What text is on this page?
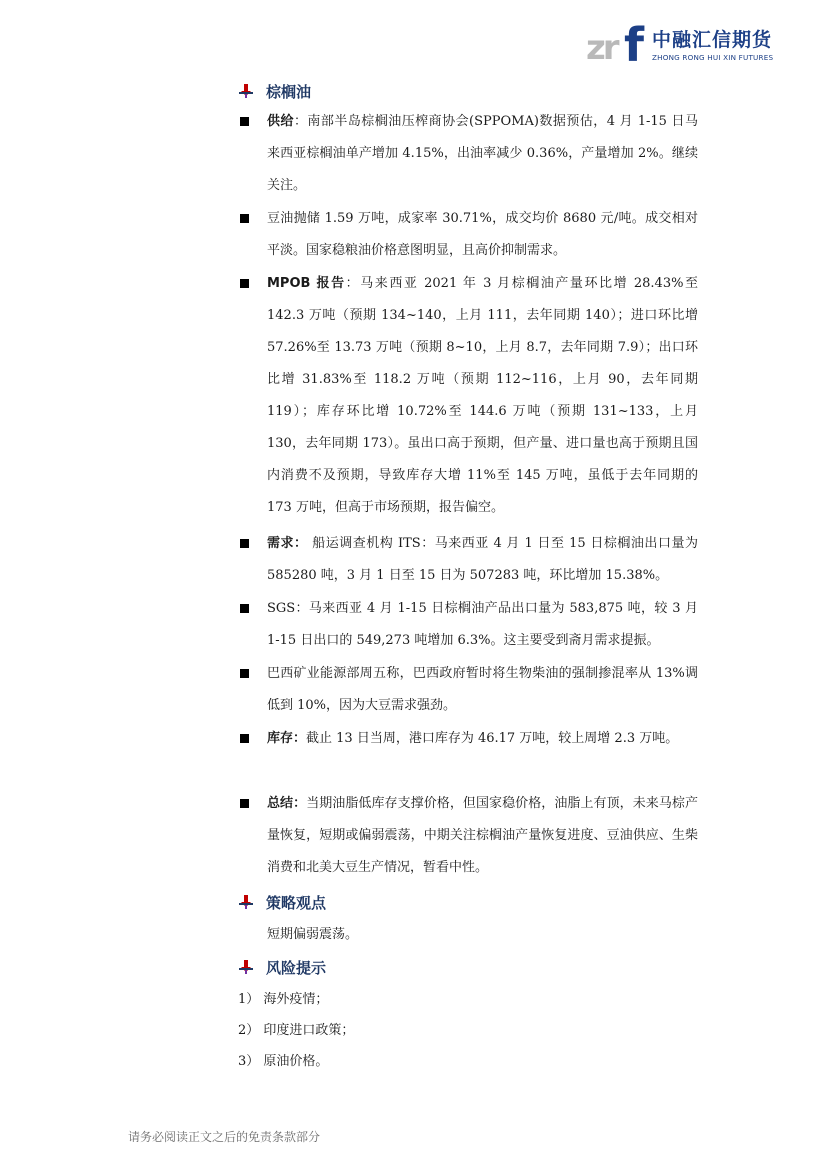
zr f 中融汇信期货
ZHONG RONG HUI XIN FUTURES
棕榈油
供给：南部半岛棕榈油压榨商协会(SPPOMA)数据预估，4 月 1-15 日马来西亚棕榈油单产增加 4.15%，出油率减少 0.36%，产量增加 2%。继续关注。
豆油抛储 1.59 万吨，成家率 30.71%，成交均价 8680 元/吨。成交相对平淡。国家稳粮油价格意图明显，且高价抑制需求。
MPOB 报告：马来西亚 2021 年 3 月棕榈油产量环比增 28.43%至 142.3 万吨（预期 134~140，上月 111，去年同期 140）；进口环比增 57.26%至 13.73 万吨（预期 8~10，上月 8.7，去年同期 7.9）；出口环比增 31.83%至 118.2 万吨（预期 112~116，上月 90，去年同期 119）；库存环比增 10.72%至 144.6 万吨（预期 131~133，上月 130，去年同期 173）。虽出口高于预期，但产量、进口量也高于预期且国内消费不及预期，导致库存大增 11%至 145 万吨，虽低于去年同期的 173 万吨，但高于市场预期，报告偏空。
需求： 船运调查机构 ITS：马来西亚 4 月 1 日至 15 日棕榈油出口量为 585280 吨，3 月 1 日至 15 日为 507283 吨，环比增加 15.38%。
SGS：马来西亚 4 月 1-15 日棕榈油产品出口量为 583,875 吨，较 3 月 1-15 日出口的 549,273 吨增加 6.3%。这主要受到斋月需求提振。
巴西矿业能源部周五称，巴西政府暂时将生物柴油的强制掺混率从 13%调低到 10%，因为大豆需求强劲。
库存：截止 13 日当周，港口库存为 46.17 万吨，较上周增 2.3 万吨。
总结：当期油脂低库存支撑价格，但国家稳价格，油脂上有顶，未来马棕产量恢复，短期或偏弱震荡，中期关注棕榈油产量恢复进度、豆油供应、生柴消费和北美大豆生产情况，暂看中性。
策略观点
短期偏弱震荡。
风险提示
1） 海外疫情；
2） 印度进口政策；
3） 原油价格。
请务必阅读正文之后的免责条款部分
